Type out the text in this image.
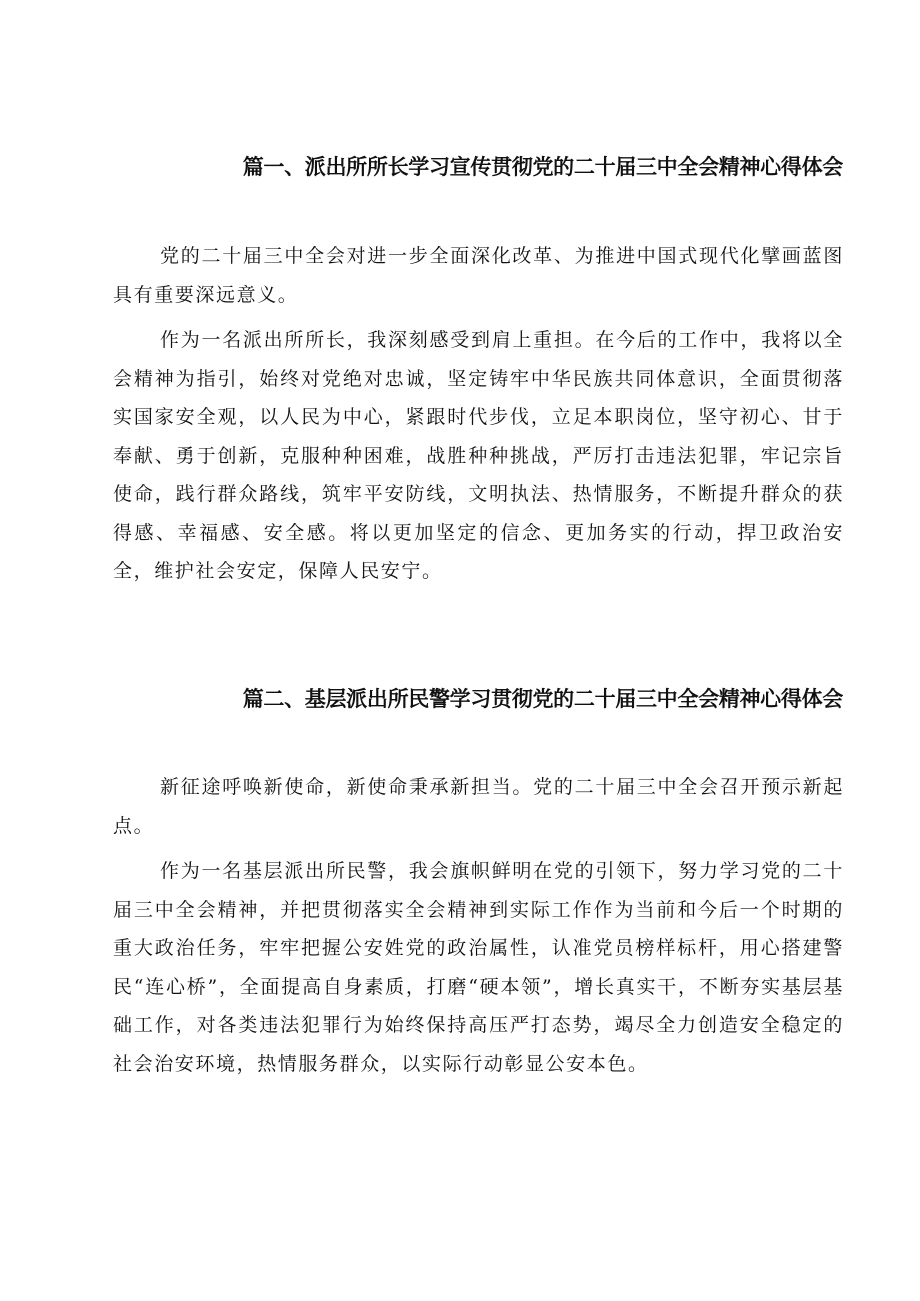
篇一、派出所所长学习宣传贯彻党的二十届三中全会精神心得体会

党的二十届三中全会对进一步全面深化改革、为推进中国式现代化擘画蓝图具有重要深远意义。

作为一名派出所所长，我深刻感受到肩上重担。在今后的工作中，我将以全会精神为指引，始终对党绝对忠诚，坚定铸牢中华民族共同体意识，全面贯彻落实国家安全观，以人民为中心，紧跟时代步伐，立足本职岗位，坚守初心、甘于奉献、勇于创新，克服种种困难，战胜种种挑战，严厉打击违法犯罪，牢记宗旨使命，践行群众路线，筑牢平安防线，文明执法、热情服务，不断提升群众的获得感、幸福感、安全感。将以更加坚定的信念、更加务实的行动，捍卫政治安全，维护社会安定，保障人民安宁。

篇二、基层派出所民警学习贯彻党的二十届三中全会精神心得体会

新征途呼唤新使命，新使命秉承新担当。党的二十届三中全会召开预示新起点。

作为一名基层派出所民警，我会旗帜鲜明在党的引领下，努力学习党的二十届三中全会精神，并把贯彻落实全会精神到实际工作作为当前和今后一个时期的重大政治任务，牢牢把握公安姓党的政治属性，认准党员榜样标杆，用心搭建警民“连心桥”，全面提高自身素质，打磨“硬本领”，增长真实干，不断夯实基层基础工作，对各类违法犯罪行为始终保持高压严打态势，竭尽全力创造安全稳定的社会治安环境，热情服务群众，以实际行动彰显公安本色。
